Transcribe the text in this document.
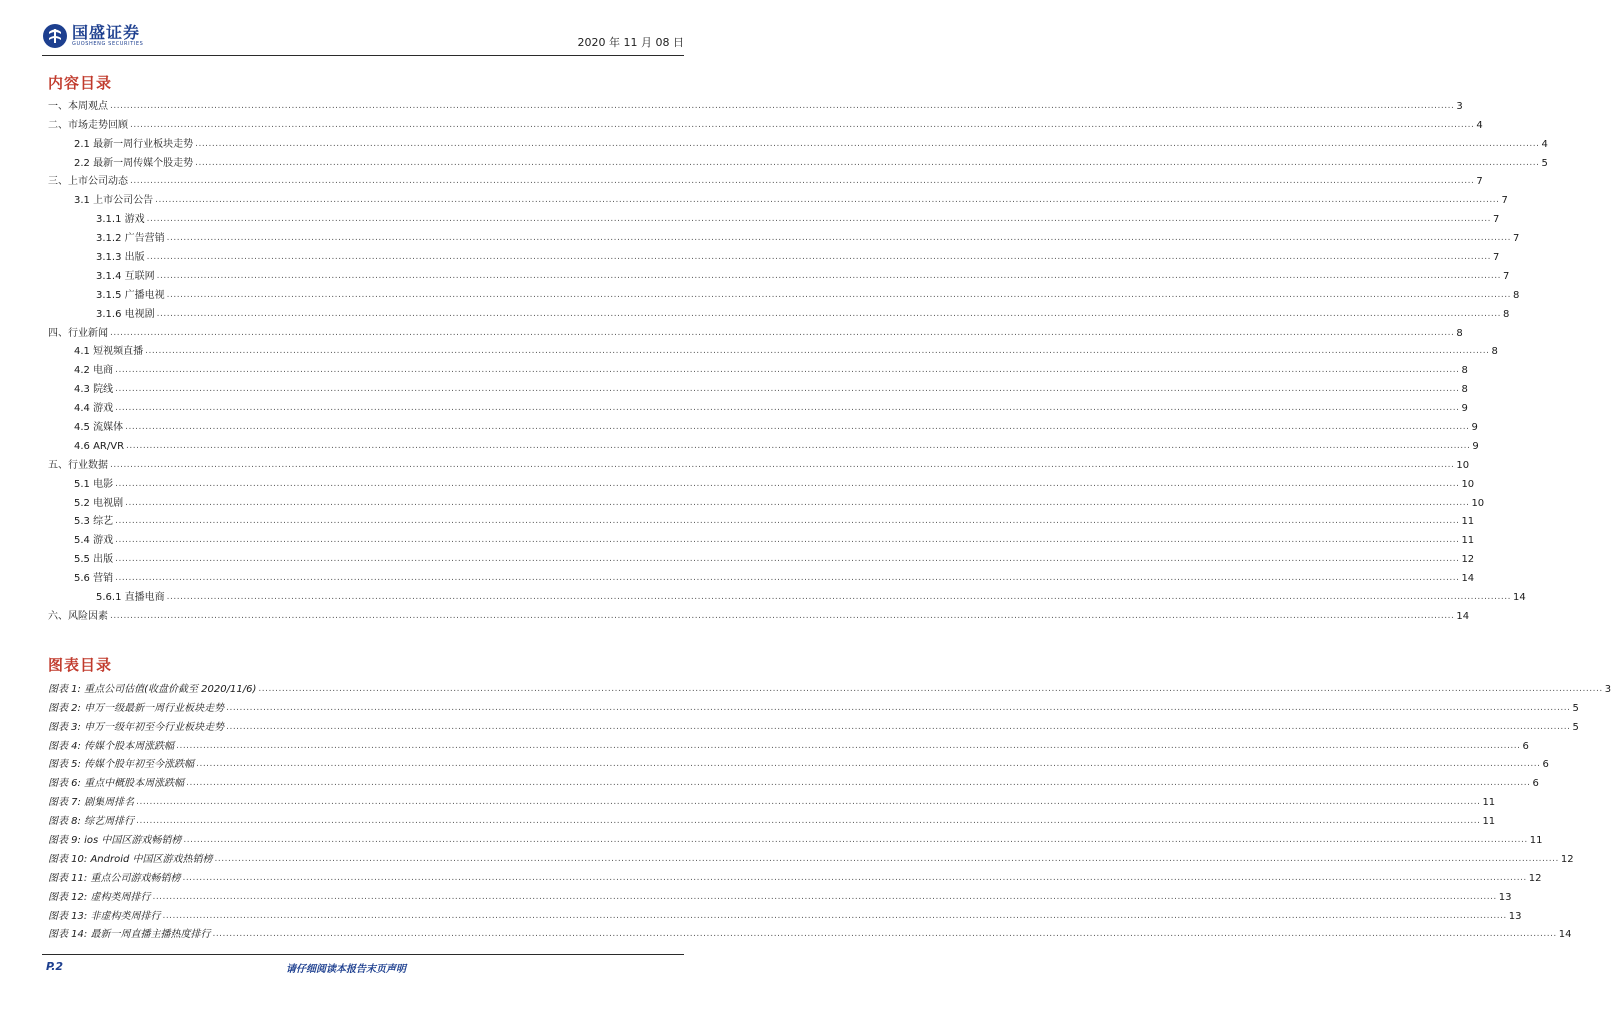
国盛证券
GUOSHENG SECURITIES	2020 年 11 月 08 日
内容目录
一、本周观点 ................................................................................................................................................................................................................................................................................................................................................................................................................ 3
二、市场走势回顾 ................................................................................................................................................................................................................................................................................................................................................................................................................ 4
2.1 最新一周行业板块走势 ................................................................................................................................................................................................................................................................................................................................................................................................................ 4
2.2 最新一周传媒个股走势 ................................................................................................................................................................................................................................................................................................................................................................................................................ 5
三、上市公司动态 ................................................................................................................................................................................................................................................................................................................................................................................................................ 7
3.1 上市公司公告 ................................................................................................................................................................................................................................................................................................................................................................................................................ 7
3.1.1 游戏 ................................................................................................................................................................................................................................................................................................................................................................................................................ 7
3.1.2 广告营销 ................................................................................................................................................................................................................................................................................................................................................................................................................ 7
3.1.3 出版 ................................................................................................................................................................................................................................................................................................................................................................................................................ 7
3.1.4 互联网 ................................................................................................................................................................................................................................................................................................................................................................................................................ 7
3.1.5 广播电视 ................................................................................................................................................................................................................................................................................................................................................................................................................ 8
3.1.6 电视剧 ................................................................................................................................................................................................................................................................................................................................................................................................................ 8
四、行业新闻 ................................................................................................................................................................................................................................................................................................................................................................................................................ 8
4.1 短视频直播 ................................................................................................................................................................................................................................................................................................................................................................................................................ 8
4.2 电商 ................................................................................................................................................................................................................................................................................................................................................................................................................ 8
4.3 院线 ................................................................................................................................................................................................................................................................................................................................................................................................................ 8
4.4 游戏 ................................................................................................................................................................................................................................................................................................................................................................................................................ 9
4.5 流媒体 ................................................................................................................................................................................................................................................................................................................................................................................................................ 9
4.6 AR/VR ................................................................................................................................................................................................................................................................................................................................................................................................................ 9
五、行业数据 ................................................................................................................................................................................................................................................................................................................................................................................................................ 10
5.1 电影 ................................................................................................................................................................................................................................................................................................................................................................................................................ 10
5.2 电视剧 ................................................................................................................................................................................................................................................................................................................................................................................................................ 10
5.3 综艺 ................................................................................................................................................................................................................................................................................................................................................................................................................ 11
5.4 游戏 ................................................................................................................................................................................................................................................................................................................................................................................................................ 11
5.5 出版 ................................................................................................................................................................................................................................................................................................................................................................................................................ 12
5.6 营销 ................................................................................................................................................................................................................................................................................................................................................................................................................ 14
5.6.1 直播电商 ................................................................................................................................................................................................................................................................................................................................................................................................................ 14
六、风险因素 ................................................................................................................................................................................................................................................................................................................................................................................................................ 14
图表目录
图表 1: 重点公司估值(收盘价截至 2020/11/6) ................................................................................................................................................................................................................................................................................................................................................................................................................ 3
图表 2: 申万一级最新一周行业板块走势 ................................................................................................................................................................................................................................................................................................................................................................................................................ 5
图表 3: 申万一级年初至今行业板块走势 ................................................................................................................................................................................................................................................................................................................................................................................................................ 5
图表 4: 传媒个股本周涨跌幅 ................................................................................................................................................................................................................................................................................................................................................................................................................ 6
图表 5: 传媒个股年初至今涨跌幅 ................................................................................................................................................................................................................................................................................................................................................................................................................ 6
图表 6: 重点中概股本周涨跌幅 ................................................................................................................................................................................................................................................................................................................................................................................................................ 6
图表 7: 剧集周排名 ................................................................................................................................................................................................................................................................................................................................................................................................................ 11
图表 8: 综艺周排行 ................................................................................................................................................................................................................................................................................................................................................................................................................ 11
图表 9: ios 中国区游戏畅销榜 ................................................................................................................................................................................................................................................................................................................................................................................................................ 11
图表 10: Android 中国区游戏热销榜 ................................................................................................................................................................................................................................................................................................................................................................................................................ 12
图表 11: 重点公司游戏畅销榜 ................................................................................................................................................................................................................................................................................................................................................................................................................ 12
图表 12: 虚构类周排行 ................................................................................................................................................................................................................................................................................................................................................................................................................ 13
图表 13: 非虚构类周排行 ................................................................................................................................................................................................................................................................................................................................................................................................................ 13
图表 14: 最新一周直播主播热度排行 ................................................................................................................................................................................................................................................................................................................................................................................................................ 14
P.2	请仔细阅读本报告末页声明
